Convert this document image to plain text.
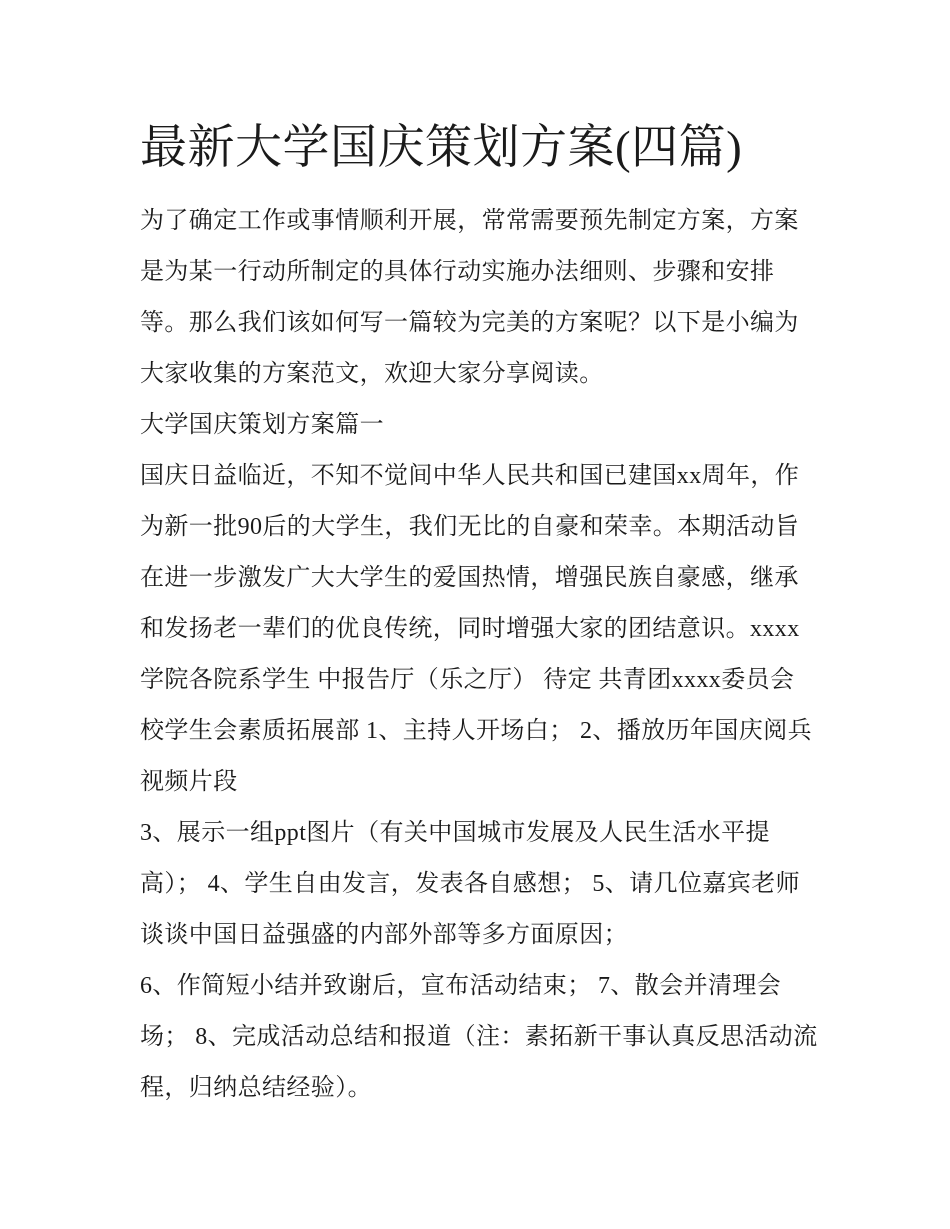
最新大学国庆策划方案(四篇)

为了确定工作或事情顺利开展，常常需要预先制定方案，方案是为某一行动所制定的具体行动实施办法细则、步骤和安排等。那么我们该如何写一篇较为完美的方案呢？以下是小编为大家收集的方案范文，欢迎大家分享阅读。

大学国庆策划方案篇一

国庆日益临近，不知不觉间中华人民共和国已建国xx周年，作为新一批90后的大学生，我们无比的自豪和荣幸。本期活动旨在进一步激发广大大学生的爱国热情，增强民族自豪感，继承和发扬老一辈们的优良传统，同时增强大家的团结意识。xxxx学院各院系学生 中报告厅（乐之厅） 待定 共青团xxxx委员会 校学生会素质拓展部 1、主持人开场白； 2、播放历年国庆阅兵视频片段

3、展示一组ppt图片（有关中国城市发展及人民生活水平提高）； 4、学生自由发言，发表各自感想； 5、请几位嘉宾老师谈谈中国日益强盛的内部外部等多方面原因；

6、作简短小结并致谢后，宣布活动结束； 7、散会并清理会场； 8、完成活动总结和报道（注：素拓新干事认真反思活动流程，归纳总结经验）。
